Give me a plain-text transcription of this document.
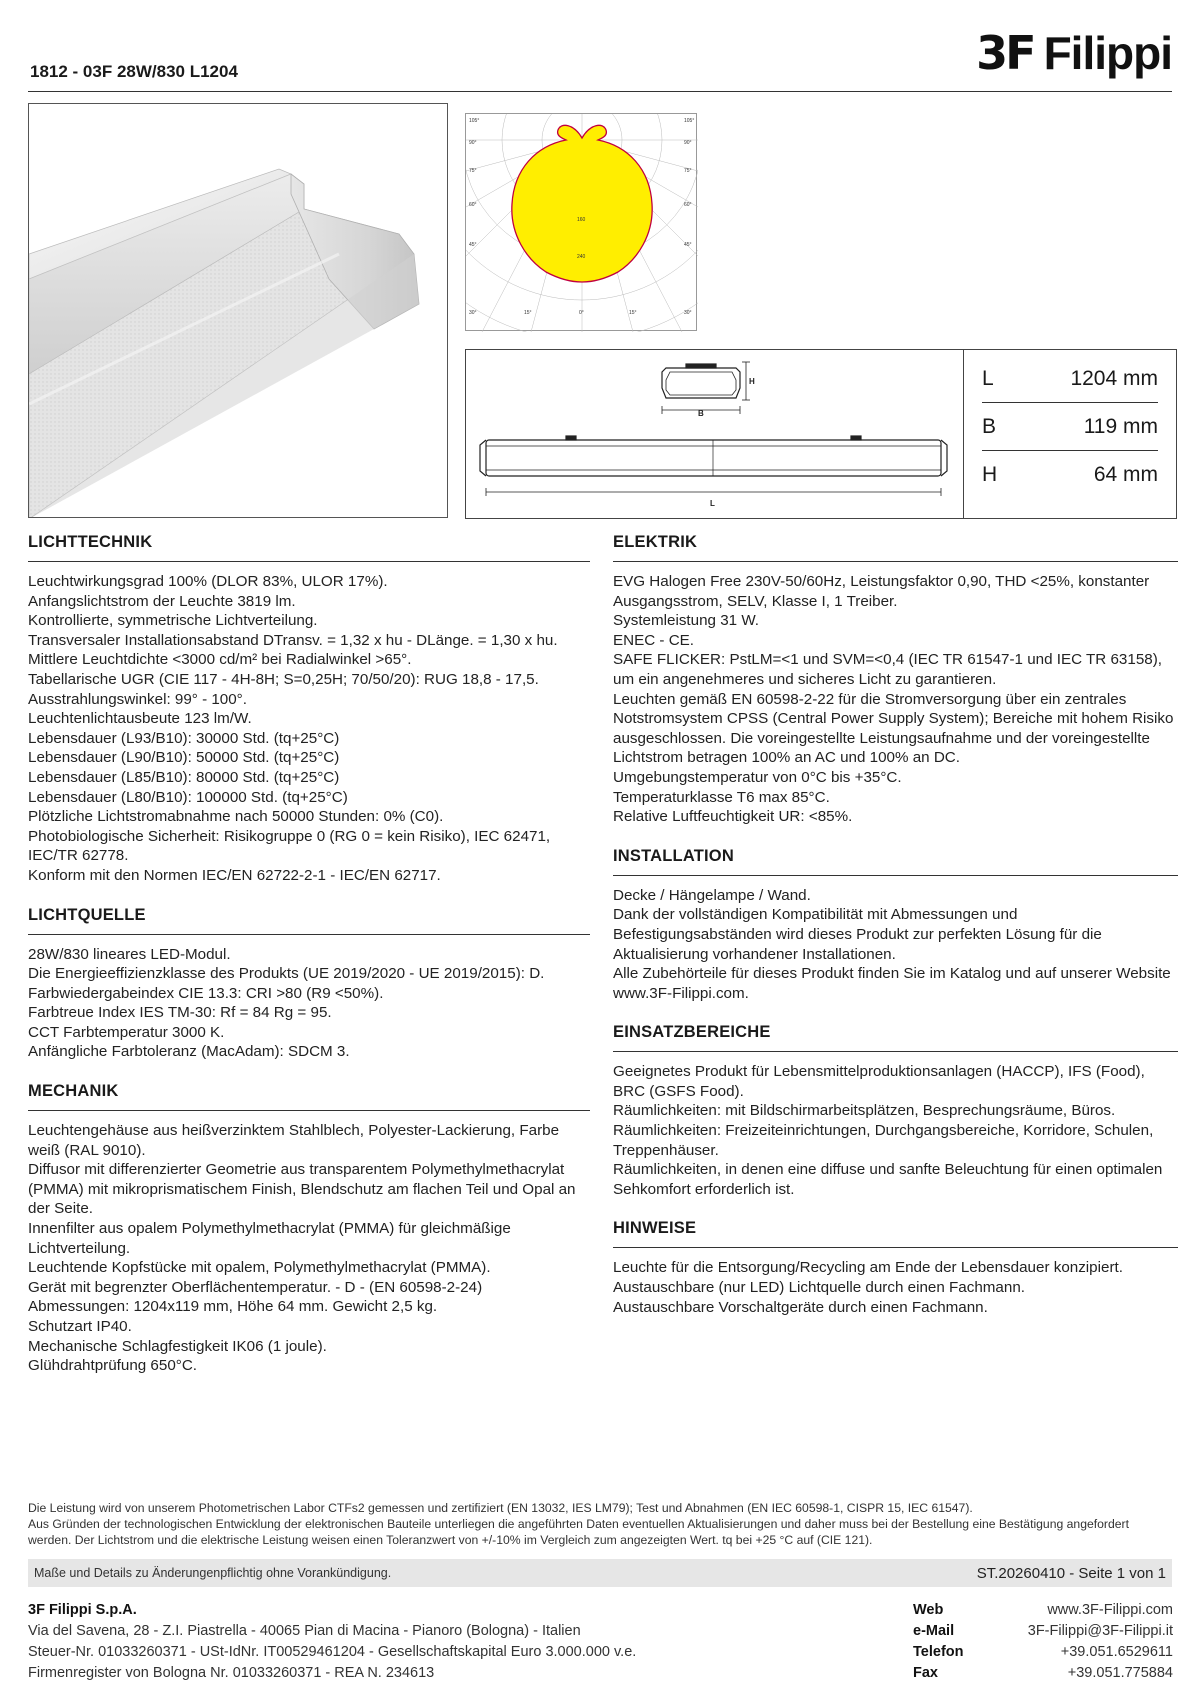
1812 - 03F 28W/830 L1204	3F Filippi
105°
90°
75°
60°
45°
30°
105°
90°
75°
60°
45°
30°
15°	0°	15°
160
240
H
B
L
L	1204 mm
B	119 mm
H	64 mm
LICHTTECHNIK
Leuchtwirkungsgrad 100% (DLOR 83%, ULOR 17%).
Anfangslichtstrom der Leuchte 3819 lm.
Kontrollierte, symmetrische Lichtverteilung.
Transversaler Installationsabstand DTransv. = 1,32 x hu - DLänge. = 1,30 x hu.
Mittlere Leuchtdichte <3000 cd/m² bei Radialwinkel >65°.
Tabellarische UGR (CIE 117 - 4H-8H; S=0,25H; 70/50/20): RUG 18,8 - 17,5.
Ausstrahlungswinkel: 99° - 100°.
Leuchtenlichtausbeute 123 lm/W.
Lebensdauer (L93/B10): 30000 Std. (tq+25°C)
Lebensdauer (L90/B10): 50000 Std. (tq+25°C)
Lebensdauer (L85/B10): 80000 Std. (tq+25°C)
Lebensdauer (L80/B10): 100000 Std. (tq+25°C)
Plötzliche Lichtstromabnahme nach 50000 Stunden: 0% (C0).
Photobiologische Sicherheit: Risikogruppe 0 (RG 0 = kein Risiko), IEC 62471, IEC/TR 62778.
Konform mit den Normen IEC/EN 62722-2-1 - IEC/EN 62717.
LICHTQUELLE
28W/830 lineares LED-Modul.
Die Energieeffizienzklasse des Produkts (UE 2019/2020 - UE 2019/2015): D.
Farbwiedergabeindex CIE 13.3: CRI >80 (R9 <50%).
Farbtreue Index IES TM-30: Rf = 84 Rg = 95.
CCT Farbtemperatur 3000 K.
Anfängliche Farbtoleranz (MacAdam): SDCM 3.
MECHANIK
Leuchtengehäuse aus heißverzinktem Stahlblech, Polyester-Lackierung, Farbe weiß (RAL 9010).
Diffusor mit differenzierter Geometrie aus transparentem Polymethylmethacrylat (PMMA) mit mikroprismatischem Finish, Blendschutz am flachen Teil und Opal an der Seite.
Innenfilter aus opalem Polymethylmethacrylat (PMMA) für gleichmäßige Lichtverteilung.
Leuchtende Kopfstücke mit opalem, Polymethylmethacrylat (PMMA).
Gerät mit begrenzter Oberflächentemperatur. - D - (EN 60598-2-24)
Abmessungen: 1204x119 mm, Höhe 64 mm. Gewicht 2,5 kg.
Schutzart IP40.
Mechanische Schlagfestigkeit IK06 (1 joule).
Glühdrahtprüfung 650°C.
ELEKTRIK
EVG Halogen Free 230V-50/60Hz, Leistungsfaktor 0,90, THD <25%, konstanter Ausgangsstrom, SELV, Klasse I, 1 Treiber.
Systemleistung 31 W.
ENEC - CE.
SAFE FLICKER: PstLM=<1 und SVM=<0,4 (IEC TR 61547-1 und IEC TR 63158), um ein angenehmeres und sicheres Licht zu garantieren.
Leuchten gemäß EN 60598-2-22 für die Stromversorgung über ein zentrales Notstromsystem CPSS (Central Power Supply System); Bereiche mit hohem Risiko ausgeschlossen. Die voreingestellte Leistungsaufnahme und der voreingestellte Lichtstrom betragen 100% an AC und 100% an DC.
Umgebungstemperatur von 0°C bis +35°C.
Temperaturklasse T6 max 85°C.
Relative Luftfeuchtigkeit UR: <85%.
INSTALLATION
Decke / Hängelampe / Wand.
Dank der vollständigen Kompatibilität mit Abmessungen und Befestigungsabständen wird dieses Produkt zur perfekten Lösung für die Aktualisierung vorhandener Installationen.
Alle Zubehörteile für dieses Produkt finden Sie im Katalog und auf unserer Website www.3F-Filippi.com.
EINSATZBEREICHE
Geeignetes Produkt für Lebensmittelproduktionsanlagen (HACCP), IFS (Food), BRC (GSFS Food).
Räumlichkeiten: mit Bildschirmarbeitsplätzen, Besprechungsräume, Büros.
Räumlichkeiten: Freizeiteinrichtungen, Durchgangsbereiche, Korridore, Schulen, Treppenhäuser.
Räumlichkeiten, in denen eine diffuse und sanfte Beleuchtung für einen optimalen Sehkomfort erforderlich ist.
HINWEISE
Leuchte für die Entsorgung/Recycling am Ende der Lebensdauer konzipiert.
Austauschbare (nur LED) Lichtquelle durch einen Fachmann.
Austauschbare Vorschaltgeräte durch einen Fachmann.
Die Leistung wird von unserem Photometrischen Labor CTFs2 gemessen und zertifiziert (EN 13032, IES LM79); Test und Abnahmen (EN IEC 60598-1, CISPR 15, IEC 61547).
Aus Gründen der technologischen Entwicklung der elektronischen Bauteile unterliegen die angeführten Daten eventuellen Aktualisierungen und daher muss bei der Bestellung eine Bestätigung angefordert werden. Der Lichtstrom und die elektrische Leistung weisen einen Toleranzwert von +/-10% im Vergleich zum angezeigten Wert. tq bei +25 °C auf (CIE 121).
Maße und Details zu Änderungenpflichtig ohne Vorankündigung.	ST.20260410 - Seite 1 von 1
3F Filippi S.p.A.
Via del Savena, 28 - Z.I. Piastrella - 40065 Pian di Macina - Pianoro (Bologna) - Italien
Steuer-Nr. 01033260371 - USt-IdNr. IT00529461204 - Gesellschaftskapital Euro 3.000.000 v.e.
Firmenregister von Bologna Nr. 01033260371 - REA N. 234613
Web	www.3F-Filippi.com
e-Mail	3F-Filippi@3F-Filippi.it
Telefon	+39.051.6529611
Fax	+39.051.775884
